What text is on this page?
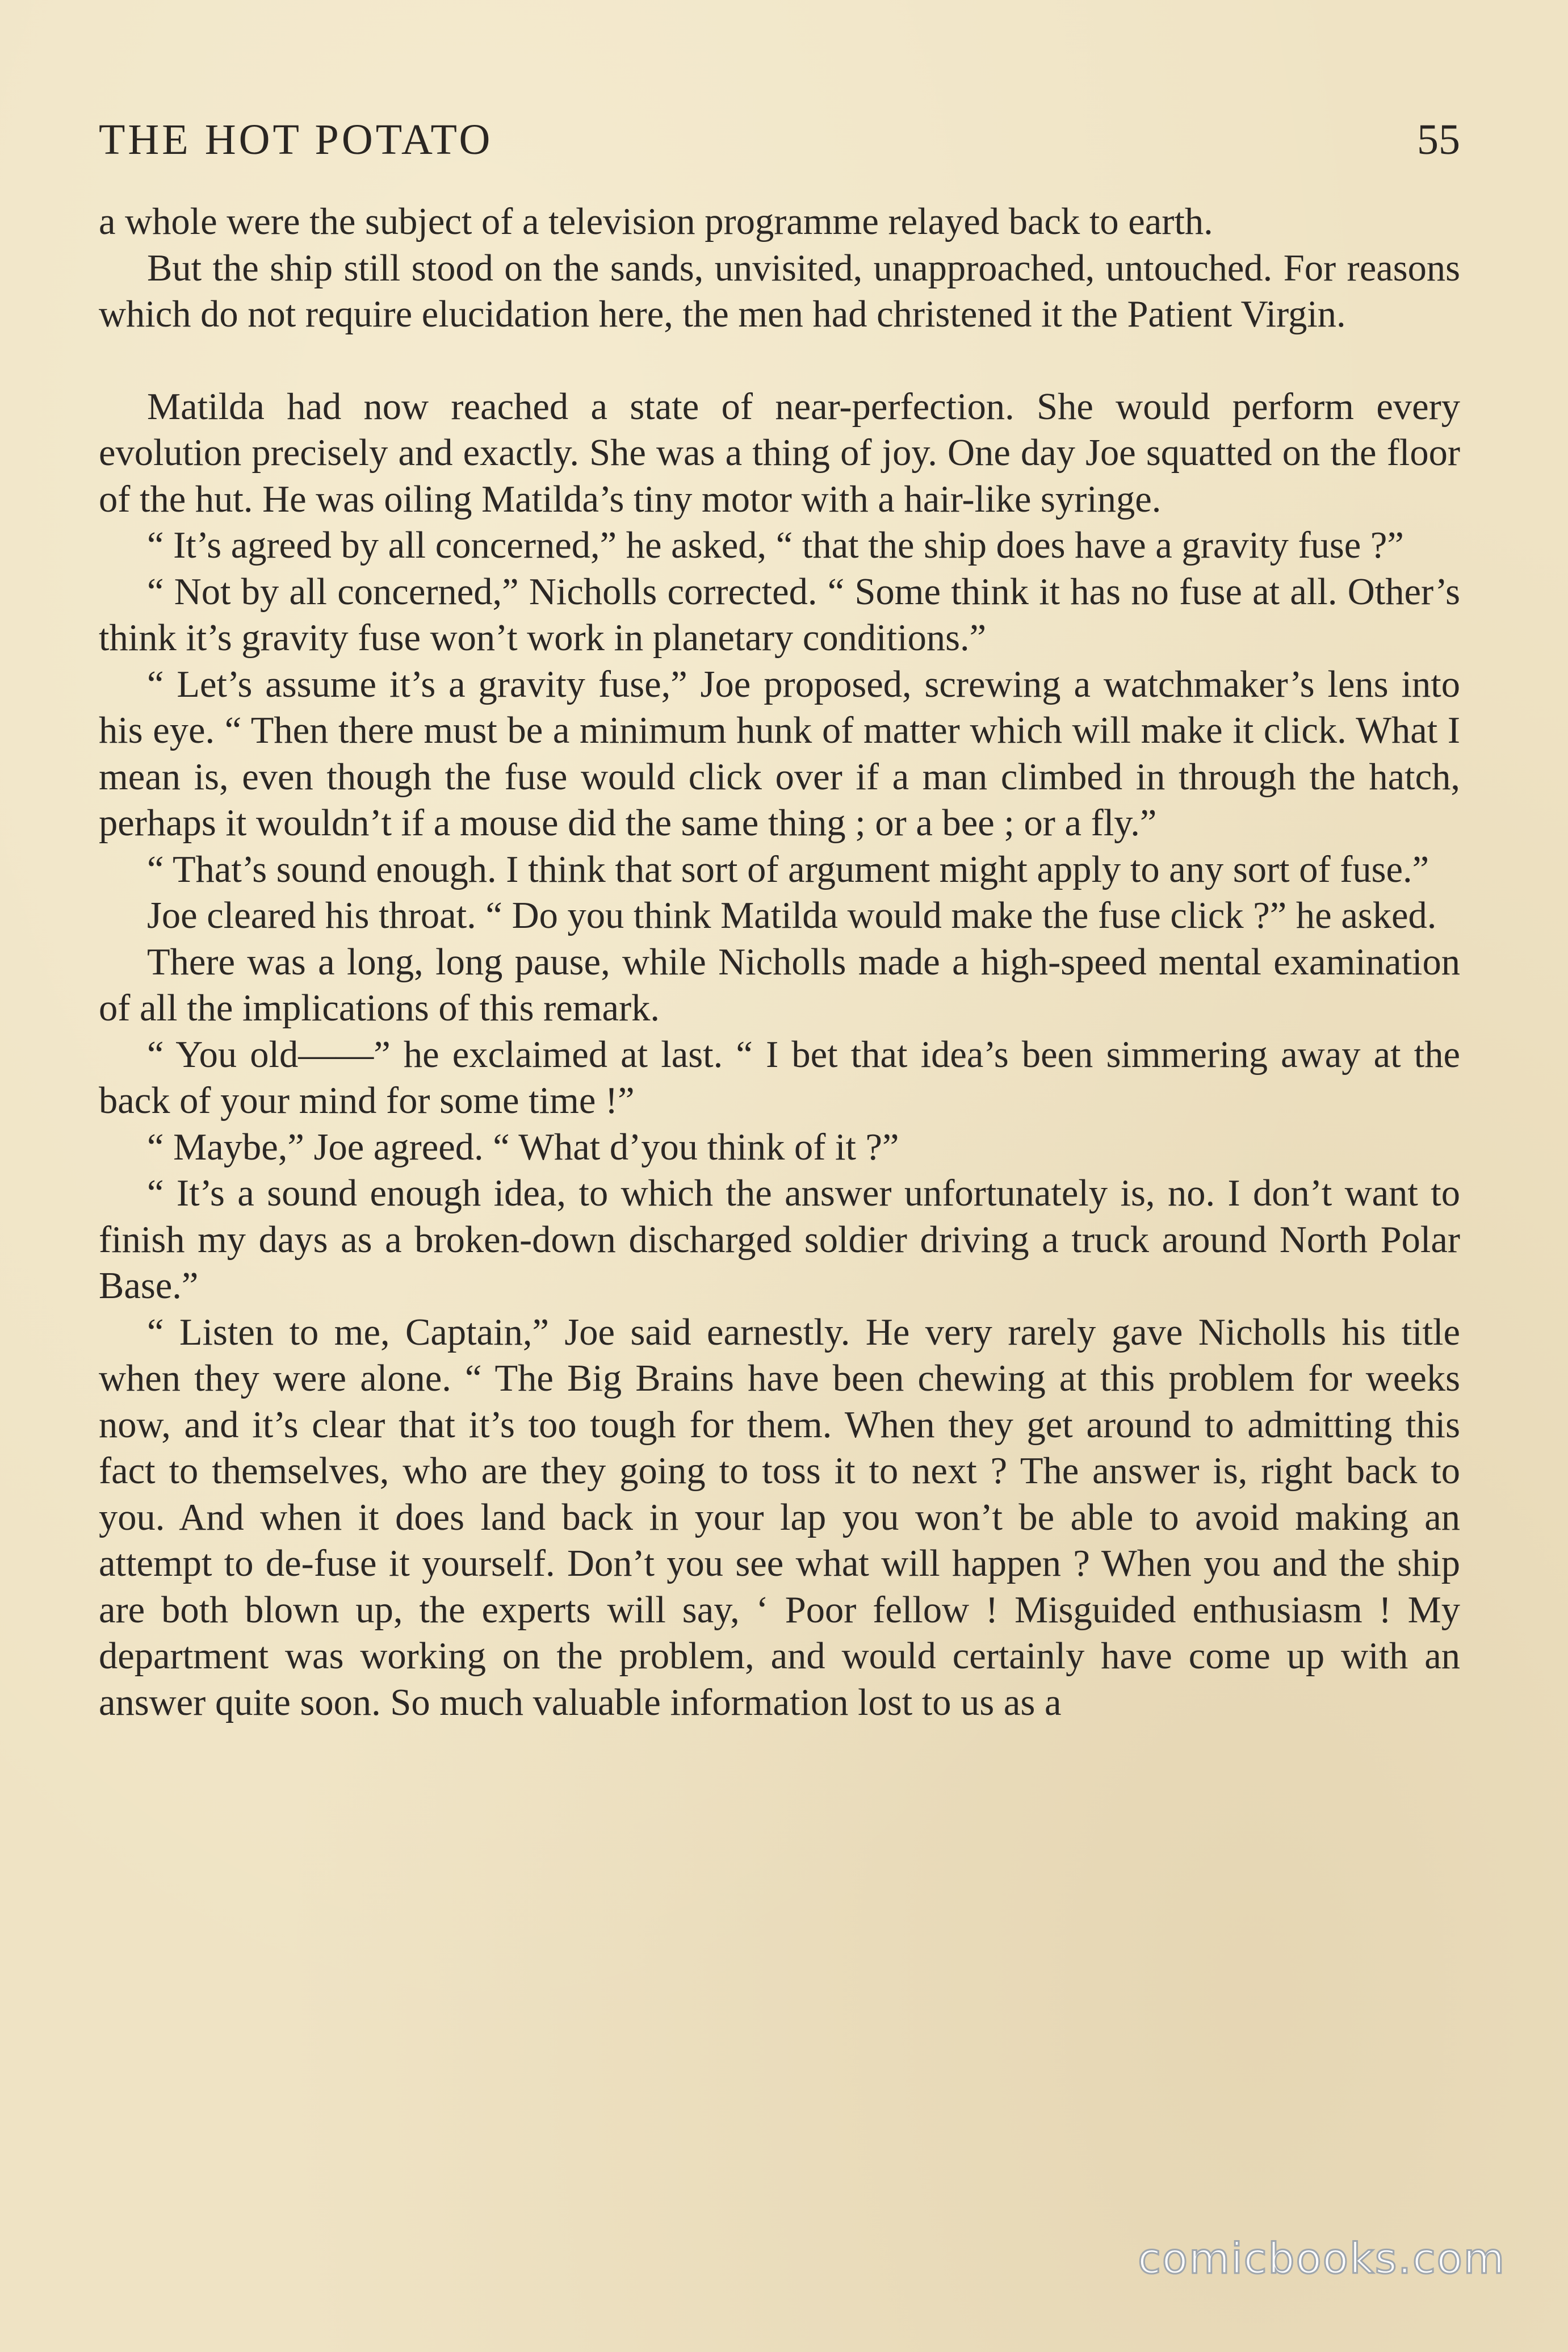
THE HOT POTATO	55

a whole were the subject of a television programme relayed back to earth.

But the ship still stood on the sands, unvisited, unapproached, untouched. For reasons which do not require elucidation here, the men had christened it the Patient Virgin.

Matilda had now reached a state of near-perfection. She would perform every evolution precisely and exactly. She was a thing of joy. One day Joe squatted on the floor of the hut. He was oiling Matilda’s tiny motor with a hair-like syringe.

“ It’s agreed by all concerned,” he asked, “ that the ship does have a gravity fuse ?”

“ Not by all concerned,” Nicholls corrected. “ Some think it has no fuse at all. Other’s think it’s gravity fuse won’t work in planetary conditions.”

“ Let’s assume it’s a gravity fuse,” Joe proposed, screwing a watchmaker’s lens into his eye. “ Then there must be a minimum hunk of matter which will make it click. What I mean is, even though the fuse would click over if a man climbed in through the hatch, perhaps it wouldn’t if a mouse did the same thing ; or a bee ; or a fly.”

“ That’s sound enough. I think that sort of argument might apply to any sort of fuse.”

Joe cleared his throat. “ Do you think Matilda would make the fuse click ?” he asked.

There was a long, long pause, while Nicholls made a high-speed mental examination of all the implications of this remark.

“ You old——” he exclaimed at last. “ I bet that idea’s been simmering away at the back of your mind for some time !”

“ Maybe,” Joe agreed. “ What d’you think of it ?”

“ It’s a sound enough idea, to which the answer unfortunately is, no. I don’t want to finish my days as a broken-down discharged soldier driving a truck around North Polar Base.”

“ Listen to me, Captain,” Joe said earnestly. He very rarely gave Nicholls his title when they were alone. “ The Big Brains have been chewing at this problem for weeks now, and it’s clear that it’s too tough for them. When they get around to admitting this fact to themselves, who are they going to toss it to next ? The answer is, right back to you. And when it does land back in your lap you won’t be able to avoid making an attempt to de-fuse it yourself. Don’t you see what will happen ? When you and the ship are both blown up, the experts will say, ‘ Poor fellow ! Misguided enthusiasm ! My department was working on the problem, and would certainly have come up with an answer quite soon. So much valuable information lost to us as a

comicbooks.com
